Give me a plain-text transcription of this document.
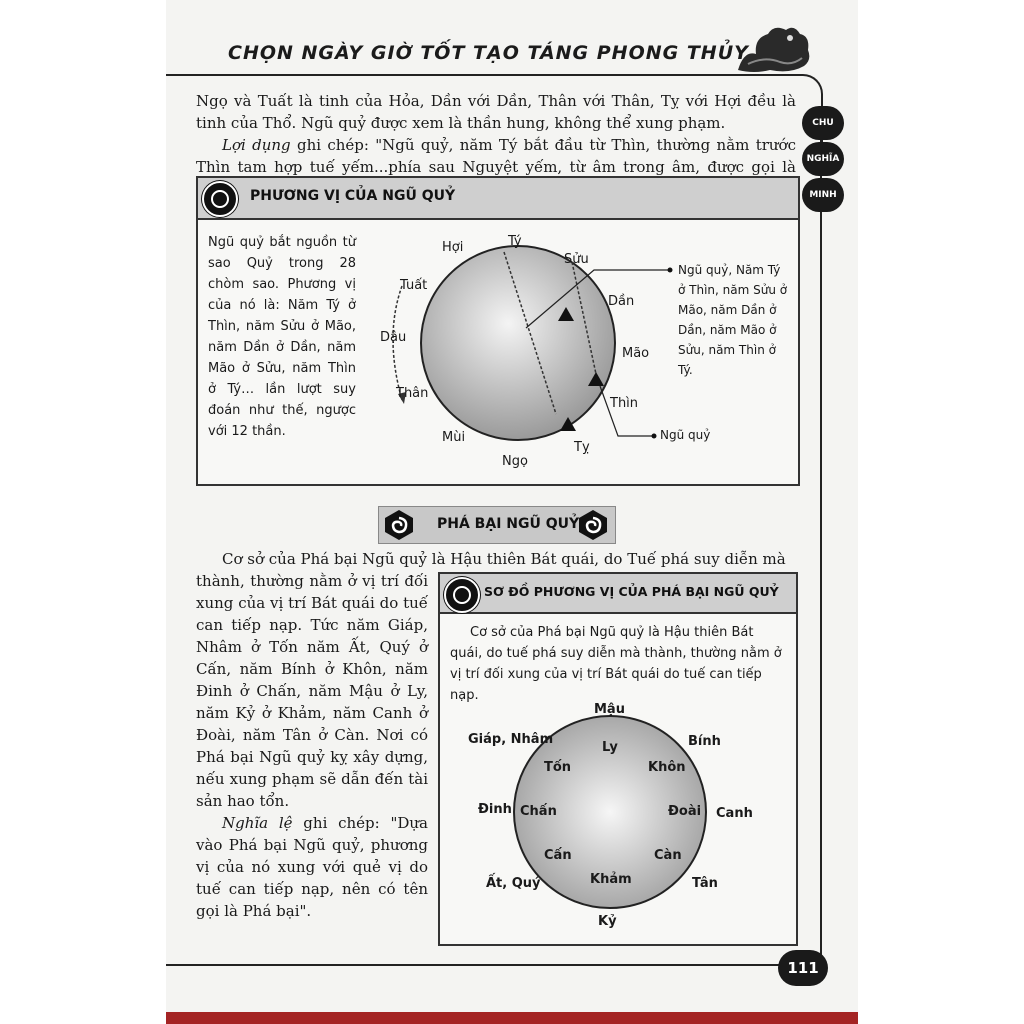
CHỌN NGÀY GIỜ TỐT TẠO TÁNG PHONG THỦY
CHU
NGHĨA
MINH

Ngọ và Tuất là tinh của Hỏa, Dần với Dần, Thân với Thân, Tỵ với Hợi đều là tinh của Thổ. Ngũ quỷ được xem là thần hung, không thể xung phạm.

Lợi dụng ghi chép: "Ngũ quỷ, năm Tý bắt đầu từ Thìn, thường nằm trước Thìn tam hợp tuế yếm...phía sau Nguyệt yếm, từ âm trong âm, được gọi là

PHƯƠNG VỊ CỦA NGŨ QUỶ

Ngũ quỷ bắt nguồn từ sao Quỷ trong 28 chòm sao. Phương vị của nó là: Năm Tý ở Thìn, năm Sửu ở Mão, năm Dần ở Dần, năm Mão ở Sửu, năm Thìn ở Tý… lần lượt suy đoán như thế, ngược với 12 thần.

Hợi	Tý
Sửu
Tuất
Dần
Dậu
Mão
Thân
Thìn
Mùi
Ngọ
Tỵ

Ngũ quỷ, Năm Tý ở Thìn, năm Sửu ở Mão, năm Dần ở Dần, năm Mão ở Sửu, năm Thìn ở Tý.

Ngũ quỷ
PHÁ BẠI NGŨ QUỶ

Cơ sở của Phá bại Ngũ quỷ là Hậu thiên Bát quái, do Tuế phá suy diễn mà

thành, thường nằm ở vị trí đối xung của vị trí Bát quái do tuế can tiếp nạp. Tức năm Giáp, Nhâm ở Tốn năm Ất, Quý ở Cấn, năm Bính ở Khôn, năm Đinh ở Chấn, năm Mậu ở Ly, năm Kỷ ở Khảm, năm Canh ở Đoài, năm Tân ở Càn. Nơi có Phá bại Ngũ quỷ kỵ xây dựng, nếu xung phạm sẽ dẫn đến tài sản hao tổn.

Nghĩa lệ ghi chép: "Dựa vào Phá bại Ngũ quỷ, phương vị của nó xung với quẻ vị do tuế can tiếp nạp, nên có tên gọi là Phá bại".

SƠ ĐỒ PHƯƠNG VỊ CỦA PHÁ BẠI NGŨ QUỶ

Cơ sở của Phá bại Ngũ quỷ là Hậu thiên Bát quái, do tuế phá suy diễn mà thành, thường nằm ở vị trí đối xung của vị trí Bát quái do tuế can tiếp nạp.

Mậu
Giáp, Nhâm	Bính
Đinh	Canh
Ất, Quý	Tân
Kỷ
Ly
Tốn	Khôn
Chấn	Đoài
Cấn	Càn
Khảm
111
